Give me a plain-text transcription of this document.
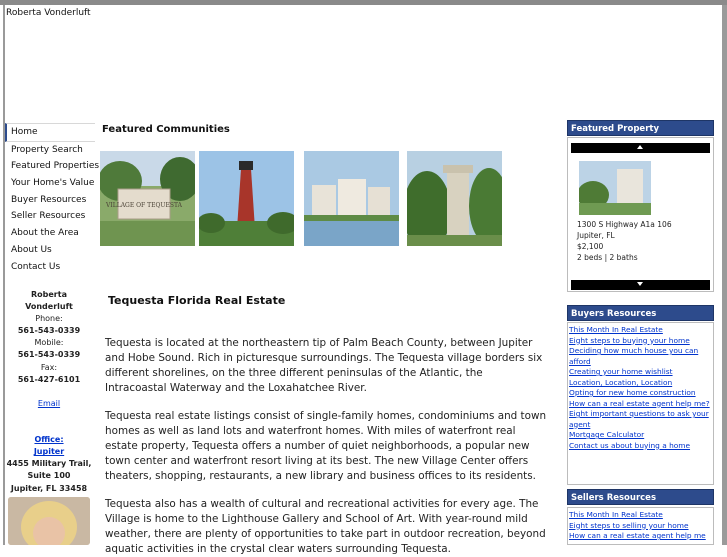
Roberta Vonderluft
Home
Property Search
Featured Properties
Your Home's Value
Buyer Resources
Seller Resources
About the Area
About Us
Contact Us
Roberta Vonderluft
Phone:
561-543-0339
Mobile:
561-543-0339
Fax:
561-427-6101

Email

Office:
Jupiter
4455 Military Trail,
Suite 100
Jupiter, FL 33458
Featured Communities
VILLAGE OF TEQUESTA
Tequesta Florida Real Estate

Tequesta is located at the northeastern tip of Palm Beach County, between Jupiter and Hobe Sound. Rich in picturesque surroundings. The Tequesta village borders six different shorelines, on the three different peninsulas of the Atlantic, the Intracoastal Waterway and the Loxahatchee River.

Tequesta real estate listings consist of single-family homes, condominiums and town homes as well as land lots and waterfront homes. With miles of waterfront real estate property, Tequesta offers a number of quiet neighborhoods, a popular new town center and waterfront resort living at its best. The new Village Center offers theaters, shopping, restaurants, a new library and business offices to its residents.

Tequesta also has a wealth of cultural and recreational activities for every age. The Village is home to the Lighthouse Gallery and School of Art. With year-round mild weather, there are plenty of opportunities to take part in outdoor recreation, beyond aquatic activities in the crystal clear waters surrounding Tequesta.

Featured Property
1300 S Highway A1a 106
Jupiter, FL
$2,100
2 beds | 2 baths
Buyers Resources
This Month In Real Estate
Eight steps to buying your home
Deciding how much house you can afford
Creating your home wishlist
Location, Location, Location
Opting for new home construction
How can a real estate agent help me?
Eight important questions to ask your agent
Mortgage Calculator
Contact us about buying a home
Sellers Resources
This Month In Real Estate
Eight steps to selling your home
How can a real estate agent help me
